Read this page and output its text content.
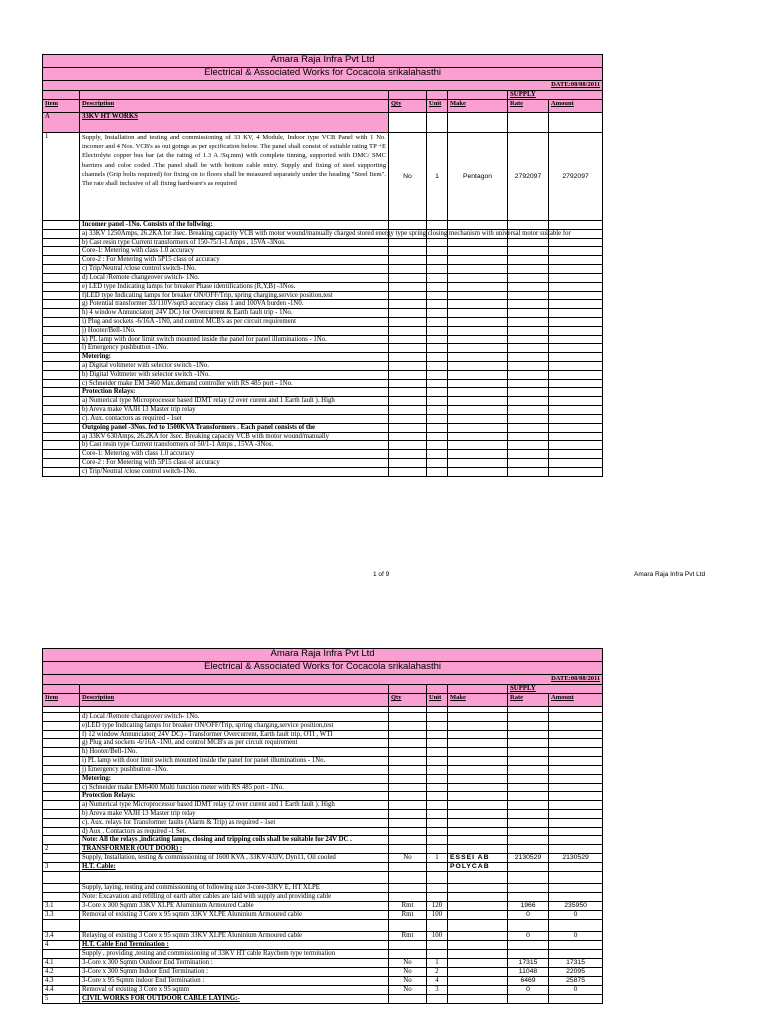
Amara Raja Infra Pvt Ltd						
Electrical & Associated Works for Cocacola srikalahasthi						
DATE:08/08/2011						
					SUPPLY	
Item	Description	Qty	Unit	Make	Rate	Amount
A	33KV HT WORKS					
1	Supply, Installation and testing and commissioning of 33 KV, 4 Module, Indoor type VCB Panel with 1 No. incomer and 4 Nos. VCB's as out goings as per spcification below. The panel shall consist of suitable rating TP +E Electrolyte copper bus bar (at the rating of 1.3 A /Sq.mm) with complete tinning, supported with DMC/ SMC barriers and color coded .The panel shall be with bottom cable entry. Supply and fixing of steel supporting channels (Grip bolts required) for fixing on to floors shall be measured separately under the heading "Steel Item". The rate shall inclusive of all fixing hardware's as required	No	1	Pentagon	2792097	2792097
	Incomer panel -1No. Consists of the follwing:					
	a) 33KV 1250Amps, 26.2KA for 3sec. Breaking capacity VCB with motor wound/manually charged stored energy type spring closing mechanism with universal motor suitable for					
	b) Cast resin type Current transformers of 150-75/1-1 Amps , 15VA -3Nos.					
	Core-1: Metering with class 1.0 accuracy					
	Core-2 : For Metering with 5P15 class of accuracy					
	c) Trip/Neutral /close control switch-1No.					
	d) Local /Remote changeover switch- 1No.					
	e) LED type Indicating lamps for breaker Phase identifications (R,Y,B) -3Nos.					
	f)LED type Indicating lamps for breaker ON/OFF/Trip, spring charging,service position,test					
	g) Potential transformer 33/110V/sqrt3 accuracy class 1 and 100VA burden -1N0.					
	h) 4 window Annunciator( 24V DC) for Overcurrent & Earth fault trip - 1No.					
	i) Plug and sockets -6/16A -1N0, and control MCB's as per circuit requirement					
	j) Hooter/Bell-1No.					
	k) PL lamp with door limit switch mounted inside the panel for panel illuminations - 1No.					
	l) Emergency pushbutton -1No.					
	Metering:					
	a) Digital voltmeter with selector switch -1No.					
	b) Digital Voltmeter with selector switch -1No.					
	c) Schneider make EM 3460 Max.demand controller with RS 485 port - 1No.					
	Protection Relays:					
	a) Numerical type Microprocessor based IDMT relay (2 over curent and 1 Earth fault ). High					
	b) Areva make VAJH 13 Master trip relay					
	c). Aux. contactors as required - 1set					
	Outgoing panel -3Nos. fed to 1500KVA Transformers . Each panel consists of the					
	a) 33KV 630Amps, 26.2KA for 3sec. Breaking capacity VCB with motor wound/manually					
	b) Cast resin type Current transformers of 50/1-1 Amps , 15VA -3Nos.					
	Core-1: Metering with class 1.0 accuracy					
	Core-2 : For Metering with 5P15 class of accuracy					
	c) Trip/Neutral /close control switch-1No.					
1 of 9	Amara Raja Infra Pvt Ltd
Amara Raja Infra Pvt Ltd						
Electrical & Associated Works for Cocacola srikalahasthi						
DATE:08/08/2011						
					SUPPLY	
Item	Description	Qty	Unit	Make	Rate	Amount

	d) Local /Remote changeover switch- 1No.					
	e)LED type Indicating lamps for breaker ON/OFF/Trip, spring charging,service position,test					
	f) 12 window Annunciator( 24V DC) - Transformer Overcurrent, Earth fault trip, OTI , WTI					
	g) Plug and sockets -6/16A -1N0, and control MCB's as per circuit requirement					
	h) Hooter/Bell-1No.					
	i) PL lamp with door limit switch mounted inside the panel for panel illuminations - 1No.					
	j) Emergency pushbutton -1No.					
	Metering:					
	c) Schneider make EM6400 Multi function meter with RS 485 port - 1No.					
	Protection Relays:					
	a) Numerical type Microprocessor based IDMT relay (2 over curent and 1 Earth fault ). High					
	b) Areva make VAJH 13 Master trip relay					
	c). Aux. relays for Transformer faults (Alarm & Trip) as required - 1set					
	d) Aux . Contactors as required -1 Set.					
	Note: All the relays ,indicating lamps, closing and tripping coils shall be suitable for 24V DC .					
2	TRANSFORMER (OUT DOOR) :					
	Supply, Installation, testing & commissioning of 1600 KVA , 33KV/433V, Dyn11, Oil cooled	No	1	ESSEI AB	2130529	2130529
3	H.T. Cable:			POLYCAB		

	Supply, laying, testing and commissioning of following size 3-core-33KV E, HT XLPE					
	Note: Excavation and refilling of earth after cables are laid with supply and providing cable					
3.1	3-Core x 300 Sqmm 33KV XLPE Aluminium Armoured Cable	Rmt	120		1966	235950
3.3	Removal of existing 3 Core x 95 sqmm 33KV XLPE Aluninium Armoured cable	Rmt	100		0	0

3.4	Relaying of existing 3 Core x 95 sqmm 33KV XLPE Aluninium Armoured cable	Rmt	100		0	0
4	H.T. Cable End Termination :					
	Supply , providing ,testing and commissioning of 33KV HT cable Raychem type termination					
4.1	3-Core x 300 Sqmm Outdoor End Termination :	No	1		17315	17315
4.2	3-Core x 300 Sqmm Indoor End Termination :	No	2		11048	22095
4.3	3-Core x 95 Sqmm indoor End Termination :	No	4		6469	25875
4.4	Removal of existing 3 Core x 95 sqmm	No	3		0	0
5	CIVIL WORKS FOR OUTDOOR CABLE LAYING:-					
